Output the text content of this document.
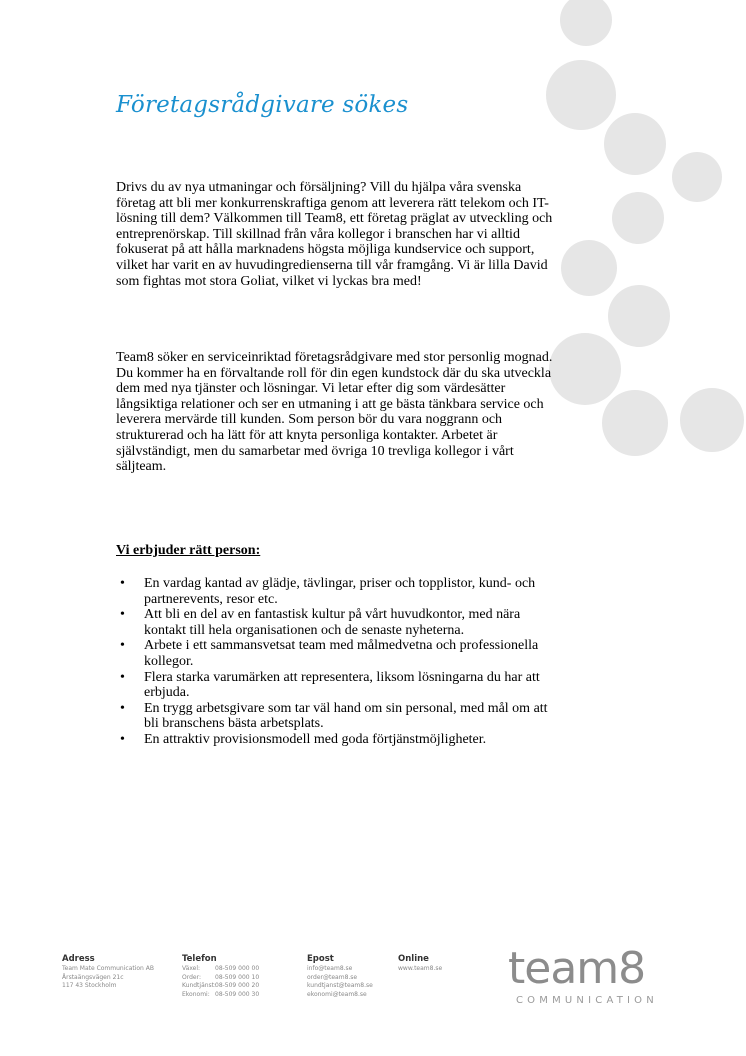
Företagsrådgivare sökes

Drivs du av nya utmaningar och försäljning? Vill du hjälpa våra svenska företag att bli mer konkurrenskraftiga genom att leverera rätt telekom och IT-lösning till dem? Välkommen till Team8, ett företag präglat av utveckling och entreprenörskap. Till skillnad från våra kollegor i branschen har vi alltid fokuserat på att hålla marknadens högsta möjliga kundservice och support, vilket har varit en av huvudingredienserna till vår framgång. Vi är lilla David som fightas mot stora Goliat, vilket vi lyckas bra med!

Team8 söker en serviceinriktad företagsrådgivare med stor personlig mognad. Du kommer ha en förvaltande roll för din egen kundstock där du ska utveckla dem med nya tjänster och lösningar. Vi letar efter dig som värdesätter långsiktiga relationer och ser en utmaning i att ge bästa tänkbara service och leverera mervärde till kunden. Som person bör du vara noggrann och strukturerad och ha lätt för att knyta personliga kontakter. Arbetet är självständigt, men du samarbetar med övriga 10 trevliga kollegor i vårt säljteam.

Vi erbjuder rätt person:
• En vardag kantad av glädje, tävlingar, priser och topplistor, kund- och partnerevents, resor etc.
• Att bli en del av en fantastisk kultur på vårt huvudkontor, med nära kontakt till hela organisationen och de senaste nyheterna.
• Arbete i ett sammansvetsat team med målmedvetna och professionella kollegor.
• Flera starka varumärken att representera, liksom lösningarna du har att erbjuda.
• En trygg arbetsgivare som tar väl hand om sin personal, med mål om att bli branschens bästa arbetsplats.
• En attraktiv provisionsmodell med goda förtjänstmöjligheter.
Adress
Team Mate Communication AB
Årstaängsvägen 21c
117 43 Stockholm
Telefon
Växel: 08-509 000 00
Order: 08-509 000 10
Kundtjänst:08-509 000 20
Ekonomi: 08-509 000 30
Epost
info@team8.se
order@team8.se
kundtjanst@team8.se
ekonomi@team8.se
Online
www.team8.se team8
COMMUNICATION
